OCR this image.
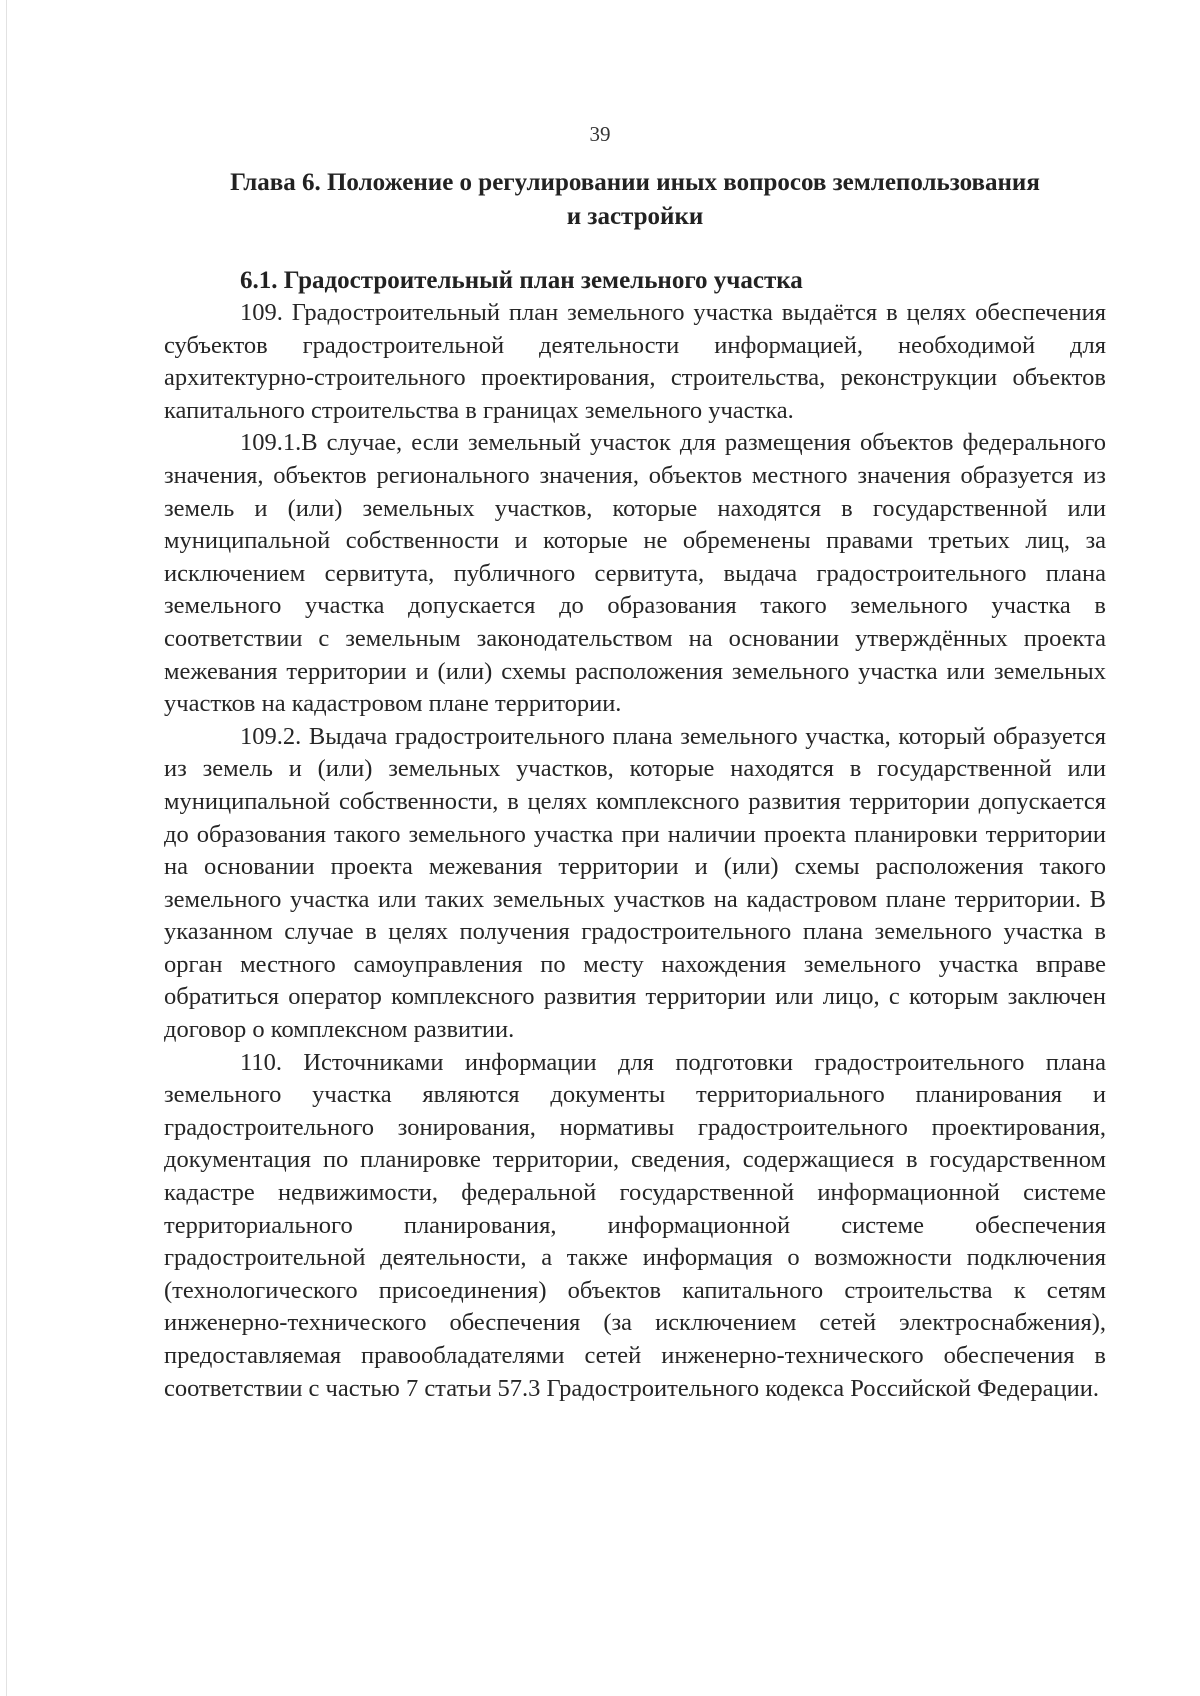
39
Глава 6. Положение о регулировании иных вопросов землепользования
и застройки
6.1. Градостроительный план земельного участка

109. Градостроительный план земельного участка выдаётся в целях обеспечения субъектов градостроительной деятельности информацией, необходимой для архитектурно-строительного проектирования, строительства, реконструкции объектов капитального строительства в границах земельного участка.

109.1.В случае, если земельный участок для размещения объектов федерального значения, объектов регионального значения, объектов местного значения образуется из земель и (или) земельных участков, которые находятся в государственной или муниципальной собственности и которые не обременены правами третьих лиц, за исключением сервитута, публичного сервитута, выдача градостроительного плана земельного участка допускается до образования такого земельного участка в соответствии с земельным законодательством на основании утверждённых проекта межевания территории и (или) схемы расположения земельного участка или земельных участков на кадастровом плане территории.

109.2. Выдача градостроительного плана земельного участка, который образуется из земель и (или) земельных участков, которые находятся в государственной или муниципальной собственности, в целях комплексного развития территории допускается до образования такого земельного участка при наличии проекта планировки территории на основании проекта межевания территории и (или) схемы расположения такого земельного участка или таких земельных участков на кадастровом плане территории. В указанном случае в целях получения градостроительного плана земельного участка в орган местного самоуправления по месту нахождения земельного участка вправе обратиться оператор комплексного развития территории или лицо, с которым заключен договор о комплексном развитии.

110. Источниками информации для подготовки градостроительного плана земельного участка являются документы территориального планирования и градостроительного зонирования, нормативы градостроительного проектирования, документация по планировке территории, сведения, содержащиеся в государственном кадастре недвижимости, федеральной государственной информационной системе территориального планирования, информационной системе обеспечения градостроительной деятельности, а также информация о возможности подключения (технологического присоединения) объектов капитального строительства к сетям инженерно-технического обеспечения (за исключением сетей электроснабжения), предоставляемая правообладателями сетей инженерно-технического обеспечения в соответствии с частью 7 статьи 57.3 Градостроительного кодекса Российской Федерации.
